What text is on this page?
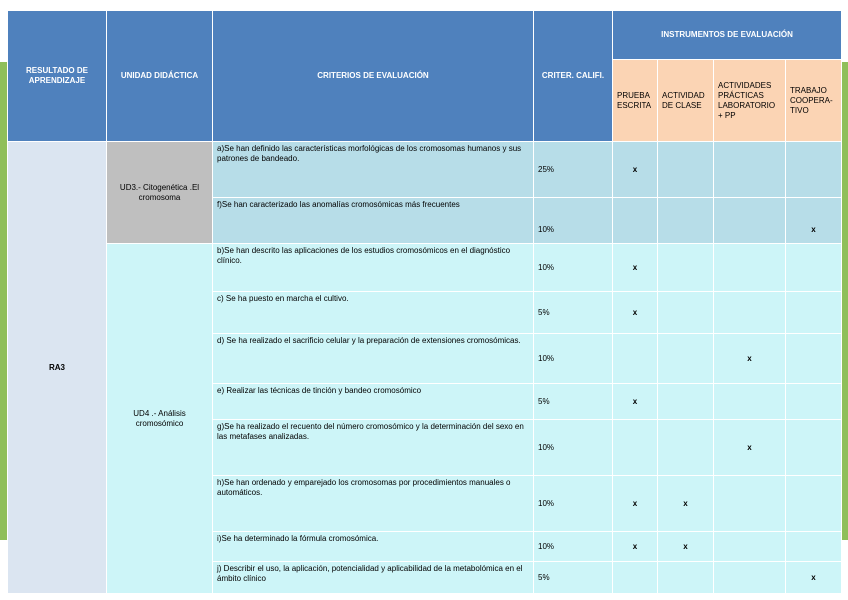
RESULTADO DE APRENDIZAJE	UNIDAD DIDÁCTICA	CRITERIOS DE EVALUACIÓN	CRITER. CALIFI.	INSTRUMENTOS DE EVALUACIÓN			
				PRUEBA ESCRITA	ACTIVIDAD DE CLASE	ACTIVIDADES PRÁCTICAS LABORATORIO + PP	TRABAJO COOPERA-TIVO
RA3	UD3.- Citogenética .El cromosoma	a)Se han definido las características morfológicas de los cromosomas humanos y sus patrones de bandeado.	25%	x			
		f)Se han caracterizado las anomalías cromosómicas más frecuentes	10%				x
	UD4 .- Análisis cromosómico	b)Se han descrito las aplicaciones de los estudios cromosómicos en el diagnóstico clínico.	10%	x			
		c) Se ha puesto en marcha el cultivo.	5%	x			
		d) Se ha realizado el sacrificio celular y la preparación de extensiones cromosómicas.	10%			x	
		e) Realizar las técnicas de tinción y bandeo cromosómico	5%	x			
		g)Se ha realizado el recuento del número cromosómico y la determinación del sexo en las metafases analizadas.	10%			x	
		h)Se han ordenado y emparejado los cromosomas por procedimientos manuales o automáticos.	10%	x	x		
		i)Se ha determinado la fórmula cromosómica.	10%	x	x		
		j) Describir el uso, la aplicación, potencialidad y aplicabilidad de la metabolómica en el ámbito clínico	5%				x
